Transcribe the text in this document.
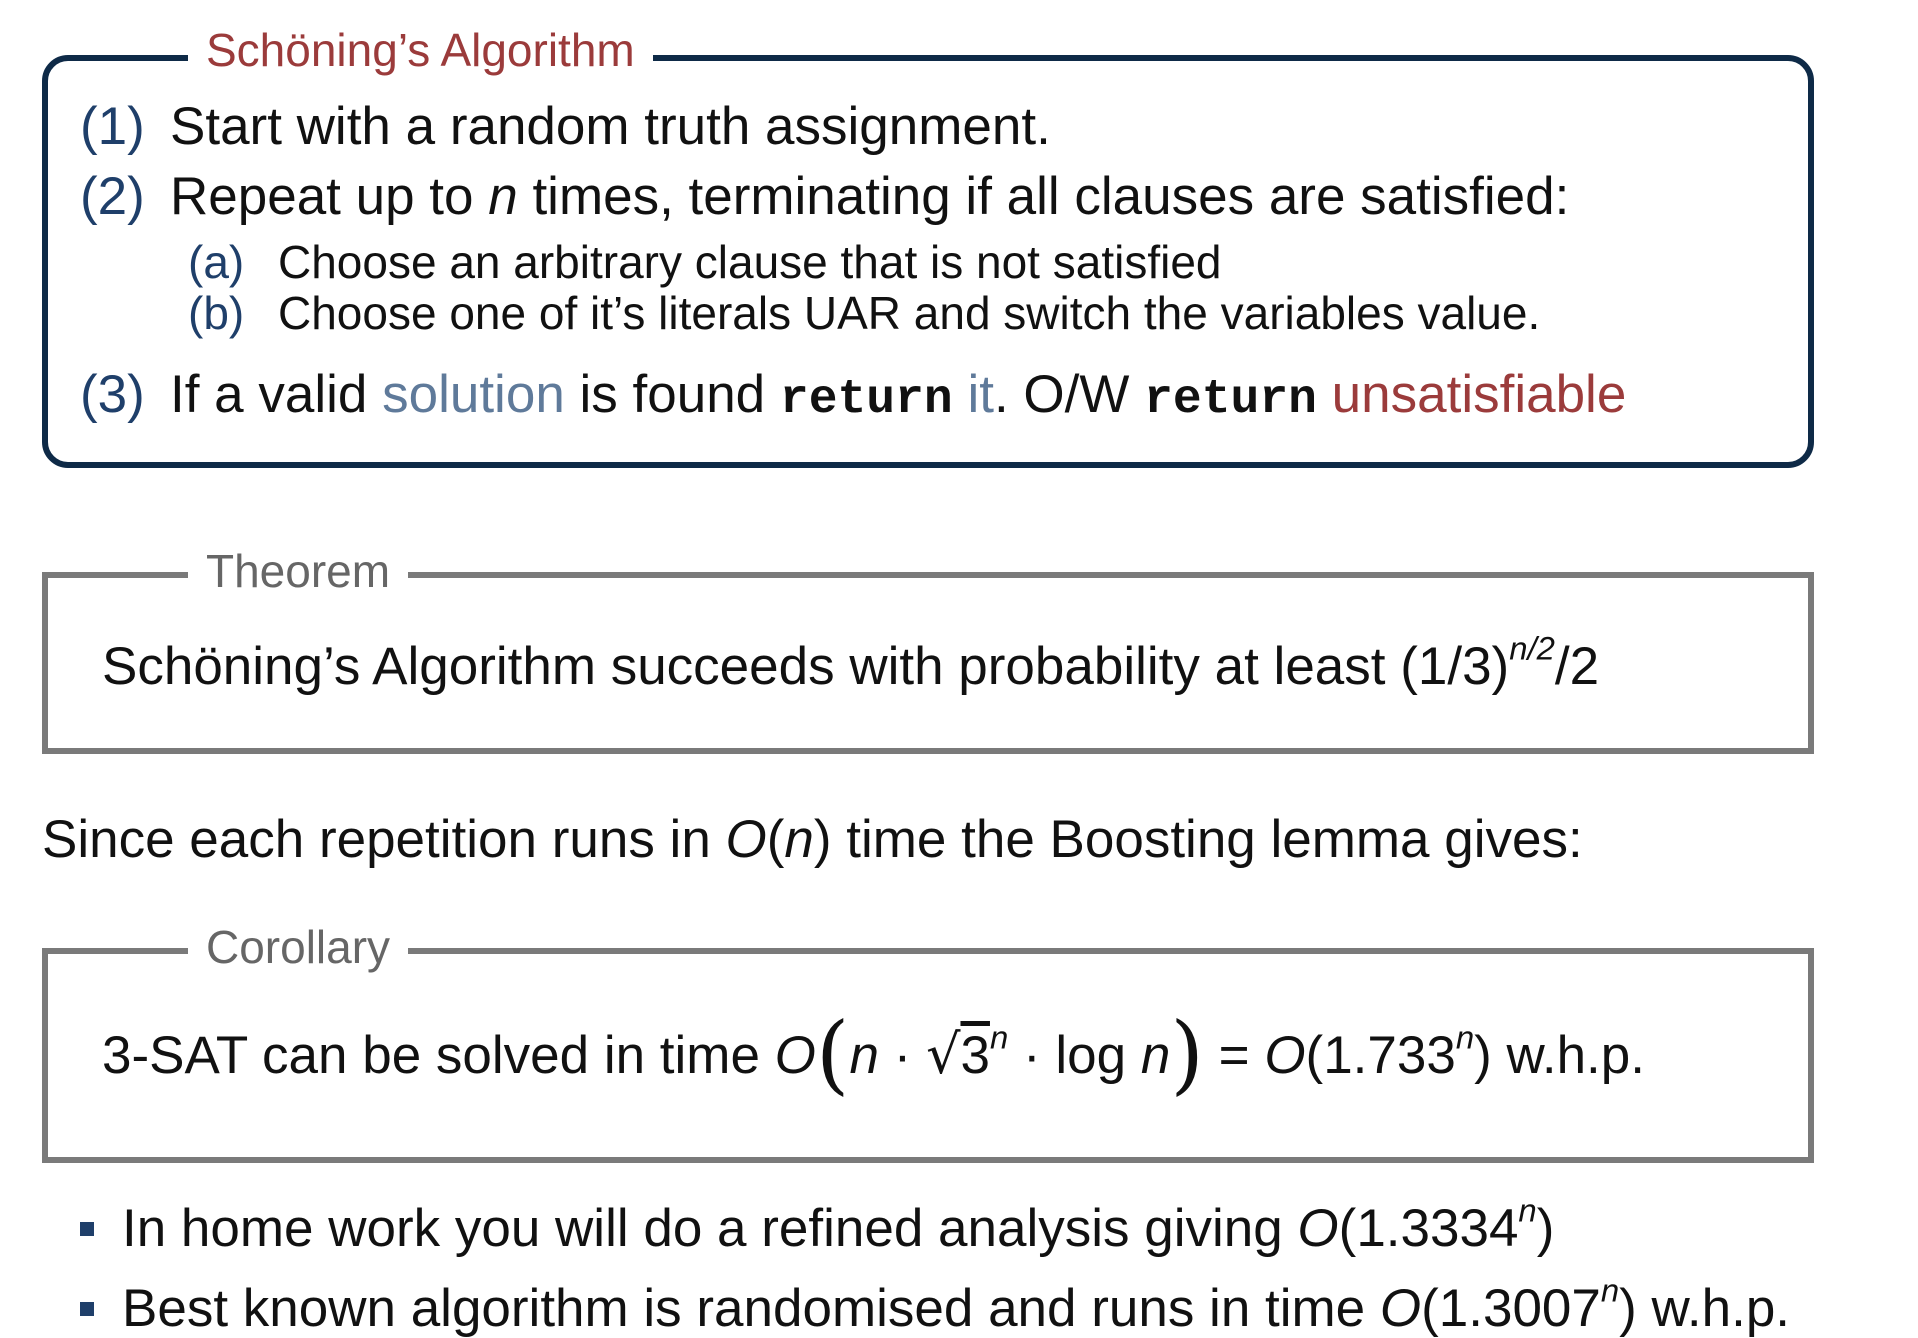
Schöning’s Algorithm
(1) Start with a random truth assignment.
(2) Repeat up to n times, terminating if all clauses are satisfied:
(a) Choose an arbitrary clause that is not satisfied
(b) Choose one of it’s literals UAR and switch the variables value.
(3) If a valid solution is found return it. O/W return unsatisfiable
Theorem
Schöning’s Algorithm succeeds with probability at least $(1/3)^{n/2}/2$
Since each repetition runs in O(n) time the Boosting lemma gives:
Corollary
3-SAT can be solved in time $O(n \cdot √3^n \cdot \log n) = O(1.733^n)$ w.h.p.
In home work you will do a refined analysis giving O(1.3334$^n$)
Best known algorithm is randomised and runs in time O(1.3007$^n$) w.h.p.
